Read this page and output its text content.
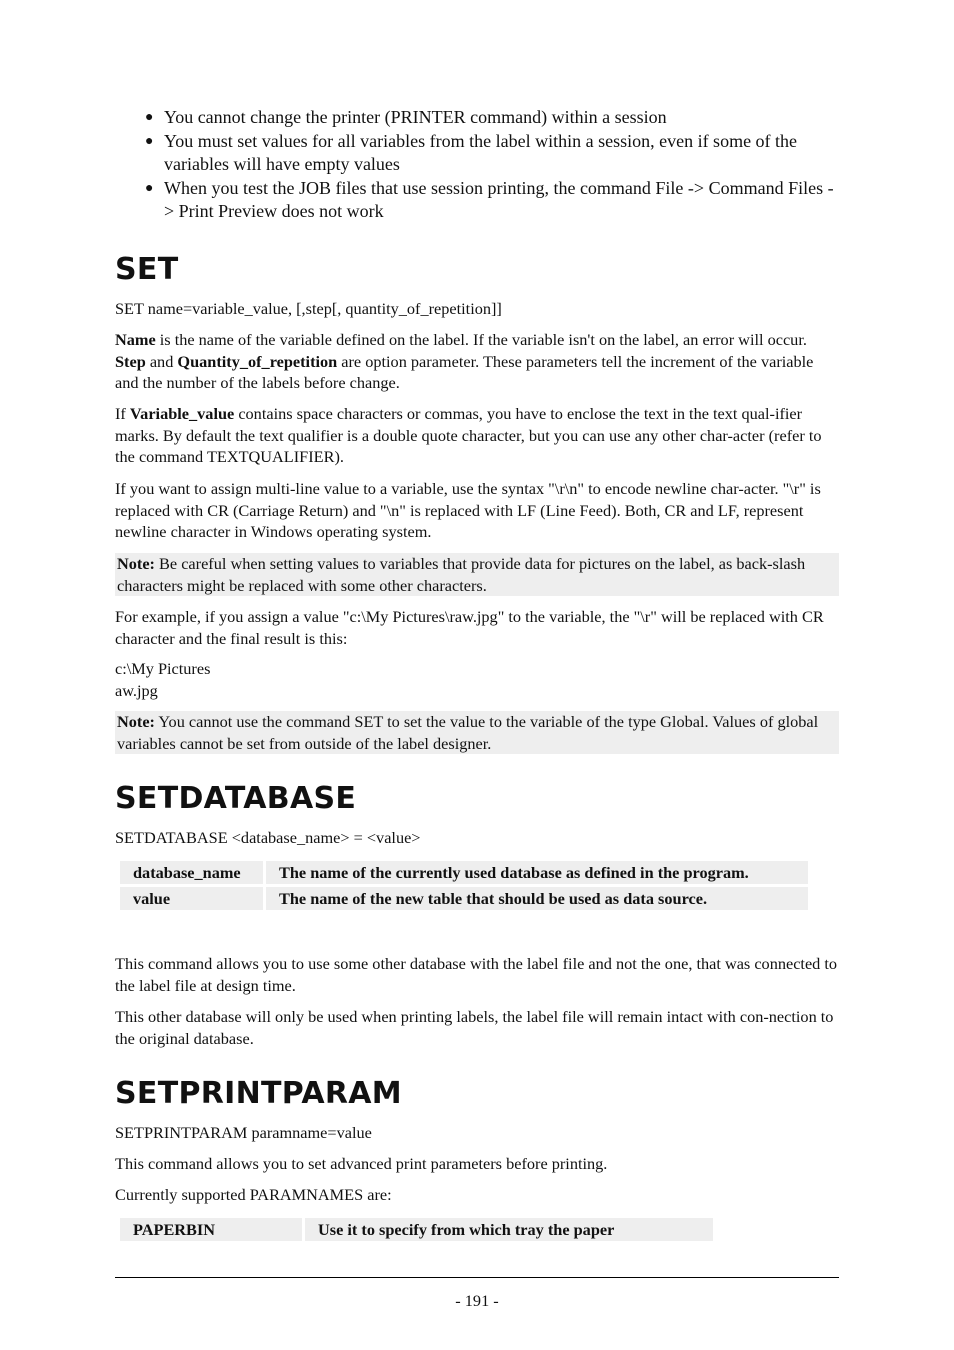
● You cannot change the printer (PRINTER command) within a session
● You must set values for all variables from the label within a session, even if some of the variables will have empty values
● When you test the JOB files that use session printing, the command File -> Command Files -> Print Preview does not work
SET

SET name=variable_value, [,step[, quantity_of_repetition]]

Name is the name of the variable defined on the label. If the variable isn't on the label, an error will occur. Step and Quantity_of_repetition are option parameter. These parameters tell the increment of the variable and the number of the labels before change.

If Variable_value contains space characters or commas, you have to enclose the text in the text qual-ifier marks. By default the text qualifier is a double quote character, but you can use any other char-acter (refer to the command TEXTQUALIFIER).

If you want to assign multi-line value to a variable, use the syntax "\r\n" to encode newline char-acter. "\r" is replaced with CR (Carriage Return) and "\n" is replaced with LF (Line Feed). Both, CR and LF, represent newline character in Windows operating system.

Note: Be careful when setting values to variables that provide data for pictures on the label, as back-slash characters might be replaced with some other characters.

For example, if you assign a value "c:\My Pictures\raw.jpg" to the variable, the "\r" will be replaced with CR character and the final result is this:

c:\My Pictures

aw.jpg

Note: You cannot use the command SET to set the value to the variable of the type Global. Values of global variables cannot be set from outside of the label designer.

SETDATABASE

SETDATABASE <database_name> = <value>

database_name	The name of the currently used database as defined in the program.
value	The name of the new table that should be used as data source.

This command allows you to use some other database with the label file and not the one, that was connected to the label file at design time.

This other database will only be used when printing labels, the label file will remain intact with con-nection to the original database.

SETPRINTPARAM

SETPRINTPARAM paramname=value

This command allows you to set advanced print parameters before printing.

Currently supported PARAMNAMES are:

PAPERBIN	Use it to specify from which tray the paper
- 191 -
